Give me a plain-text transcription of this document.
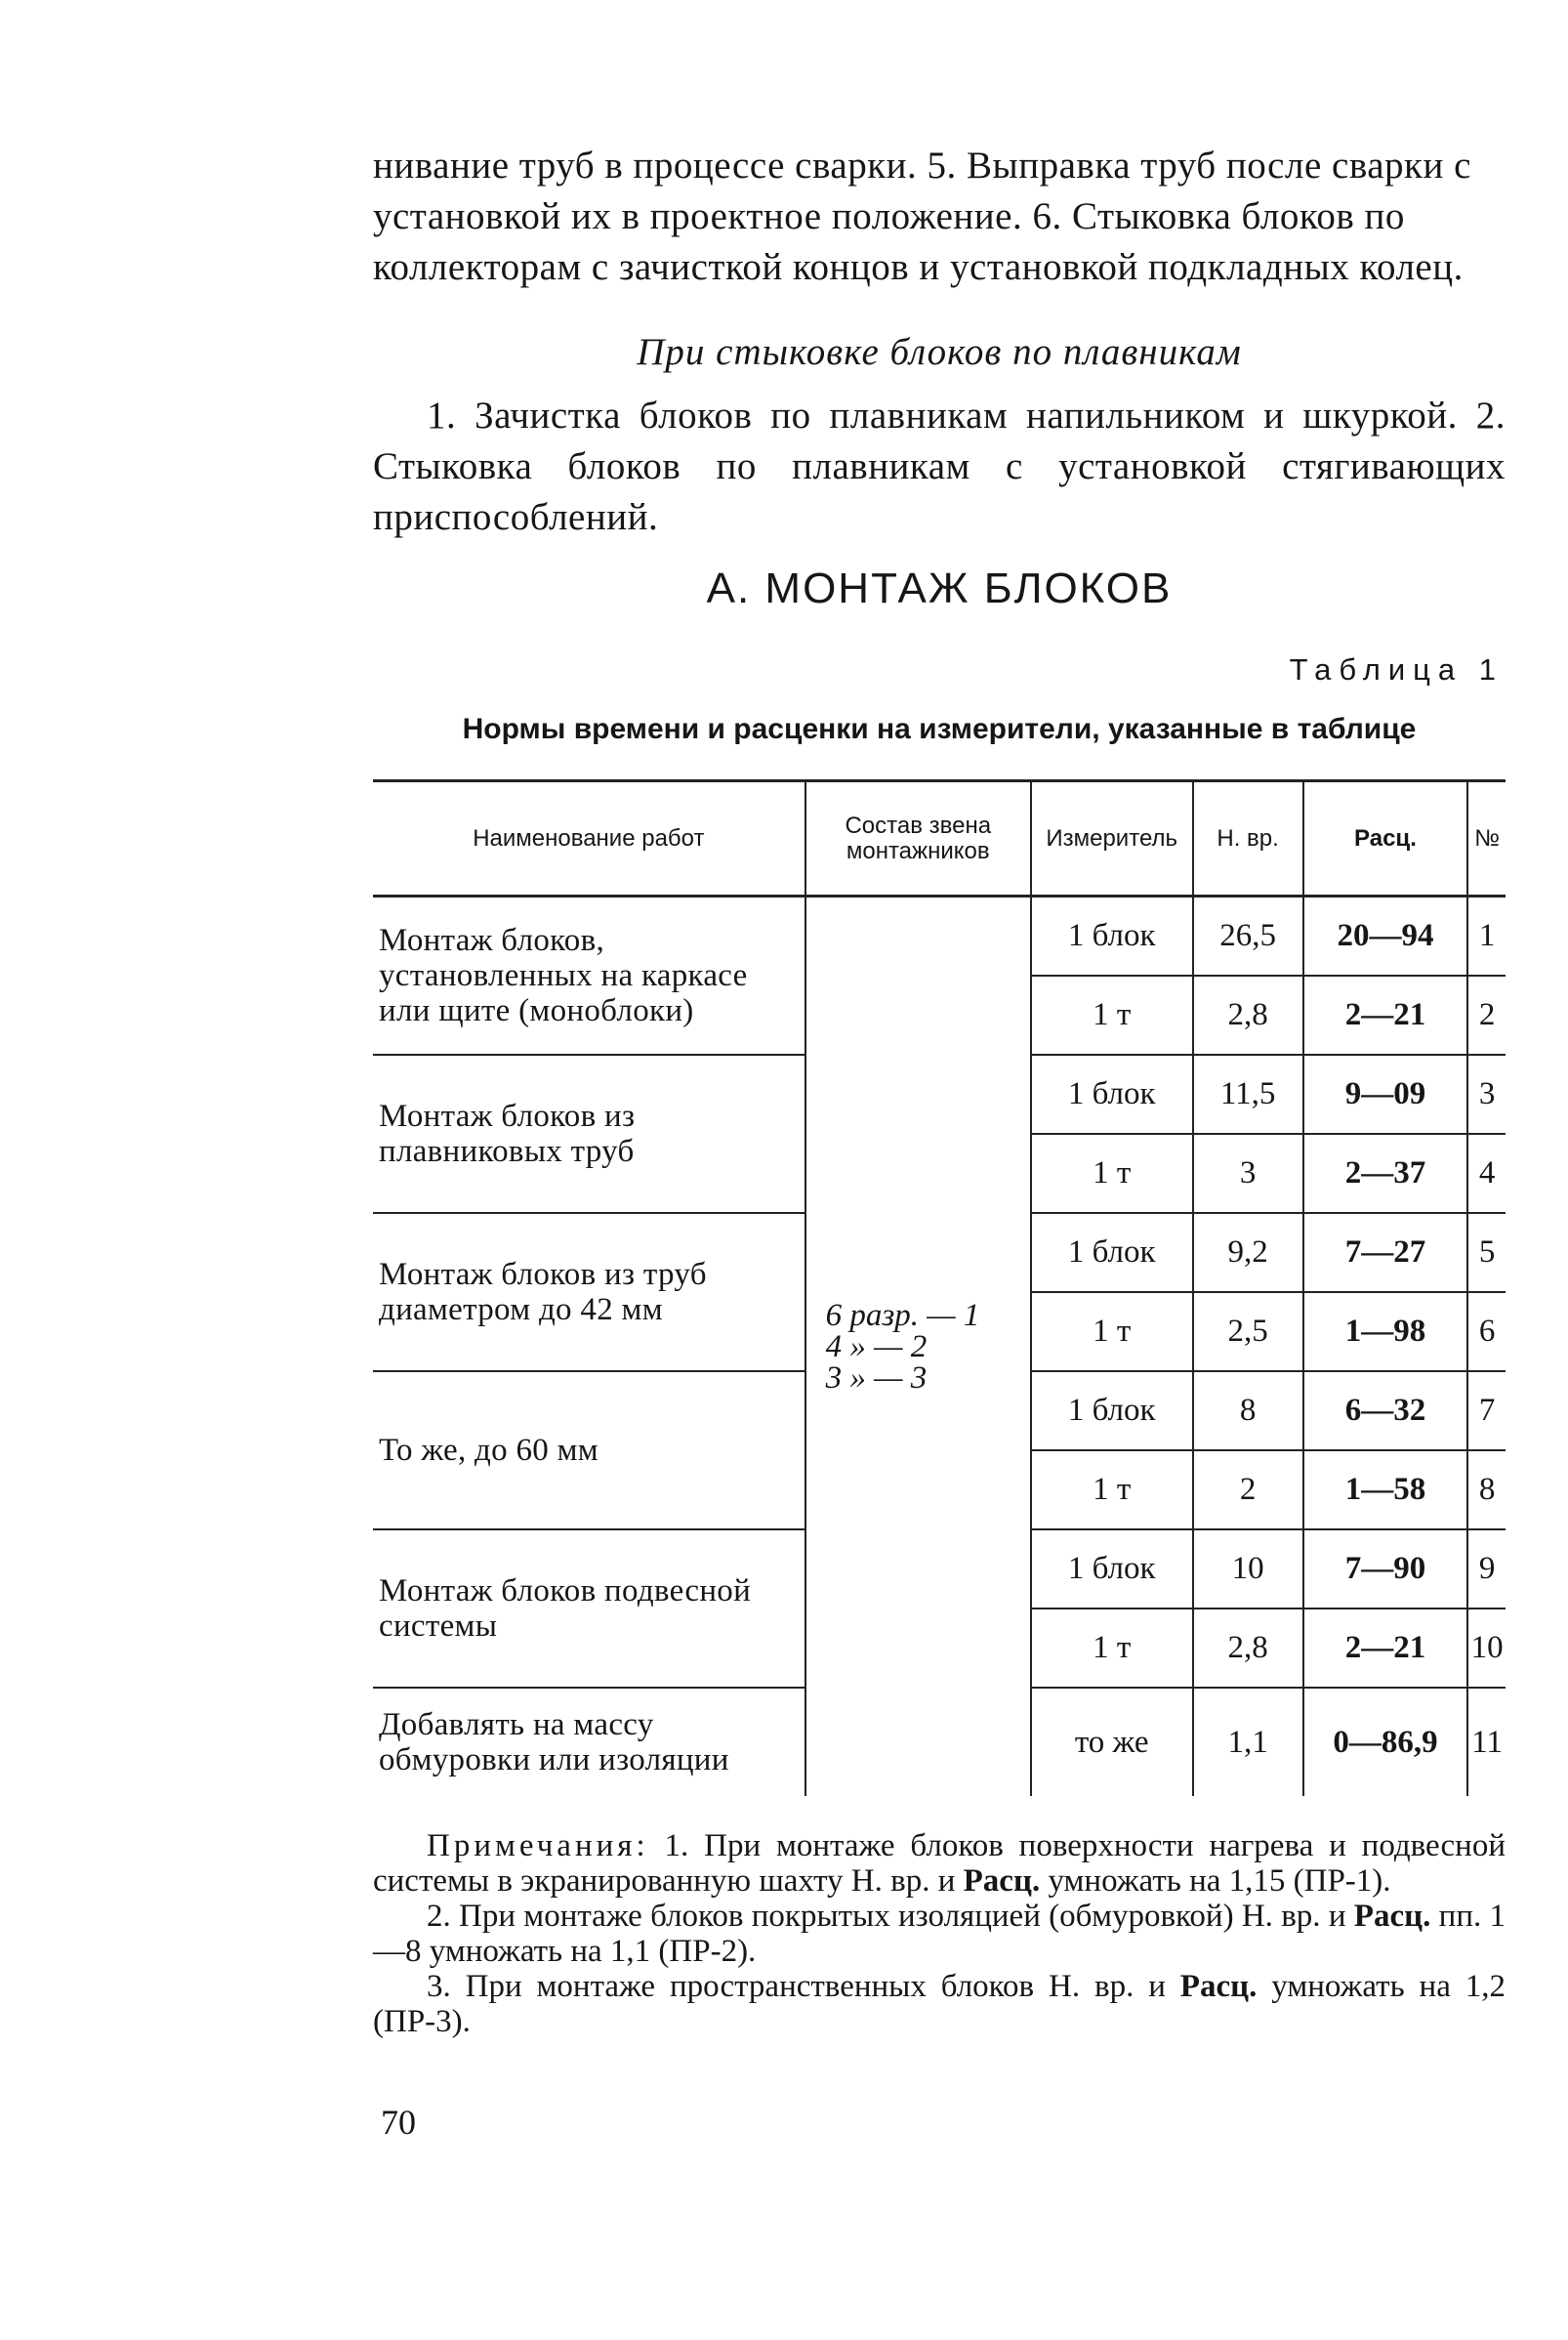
нивание труб в процессе сварки. 5. Выправка труб после сварки с установкой их в проектное положение. 6. Стыковка блоков по коллекторам с зачисткой концов и установкой подкладных колец.

При стыковке блоков по плавникам

1. Зачистка блоков по плавникам напильником и шкуркой. 2. Стыковка блоков по плавникам с установкой стягивающих приспособлений.

А. МОНТАЖ БЛОКОВ
Таблица 1
Нормы времени и расценки на измерители, указанные в таблице
Наименование работ	Состав звена монтажников	Измеритель	Н. вр.	Расц.	№
Монтаж блоков, установленных на каркасе или щите (моноблоки)	6 разр. — 1
4 » — 2
3 » — 3	1 блок	26,5	20—94	1
		1 т	2,8	2—21	2
Монтаж блоков из плавниковых труб		1 блок	11,5	9—09	3
		1 т	3	2—37	4
Монтаж блоков из труб диаметром до 42 мм		1 блок	9,2	7—27	5
		1 т	2,5	1—98	6
То же, до 60 мм		1 блок	8	6—32	7
		1 т	2	1—58	8
Монтаж блоков подвесной системы		1 блок	10	7—90	9
		1 т	2,8	2—21	10
Добавлять на массу обмуровки или изоляции		то же	1,1	0—86,9	11

Примечания: 1. При монтаже блоков поверхности нагрева и подвесной системы в экранированную шахту Н. вр. и Расц. умножать на 1,15 (ПР-1).

2. При монтаже блоков покрытых изоляцией (обмуровкой) Н. вр. и Расц. пп. 1—8 умножать на 1,1 (ПР-2).

3. При монтаже пространственных блоков Н. вр. и Расц. умножать на 1,2 (ПР-3).

70
